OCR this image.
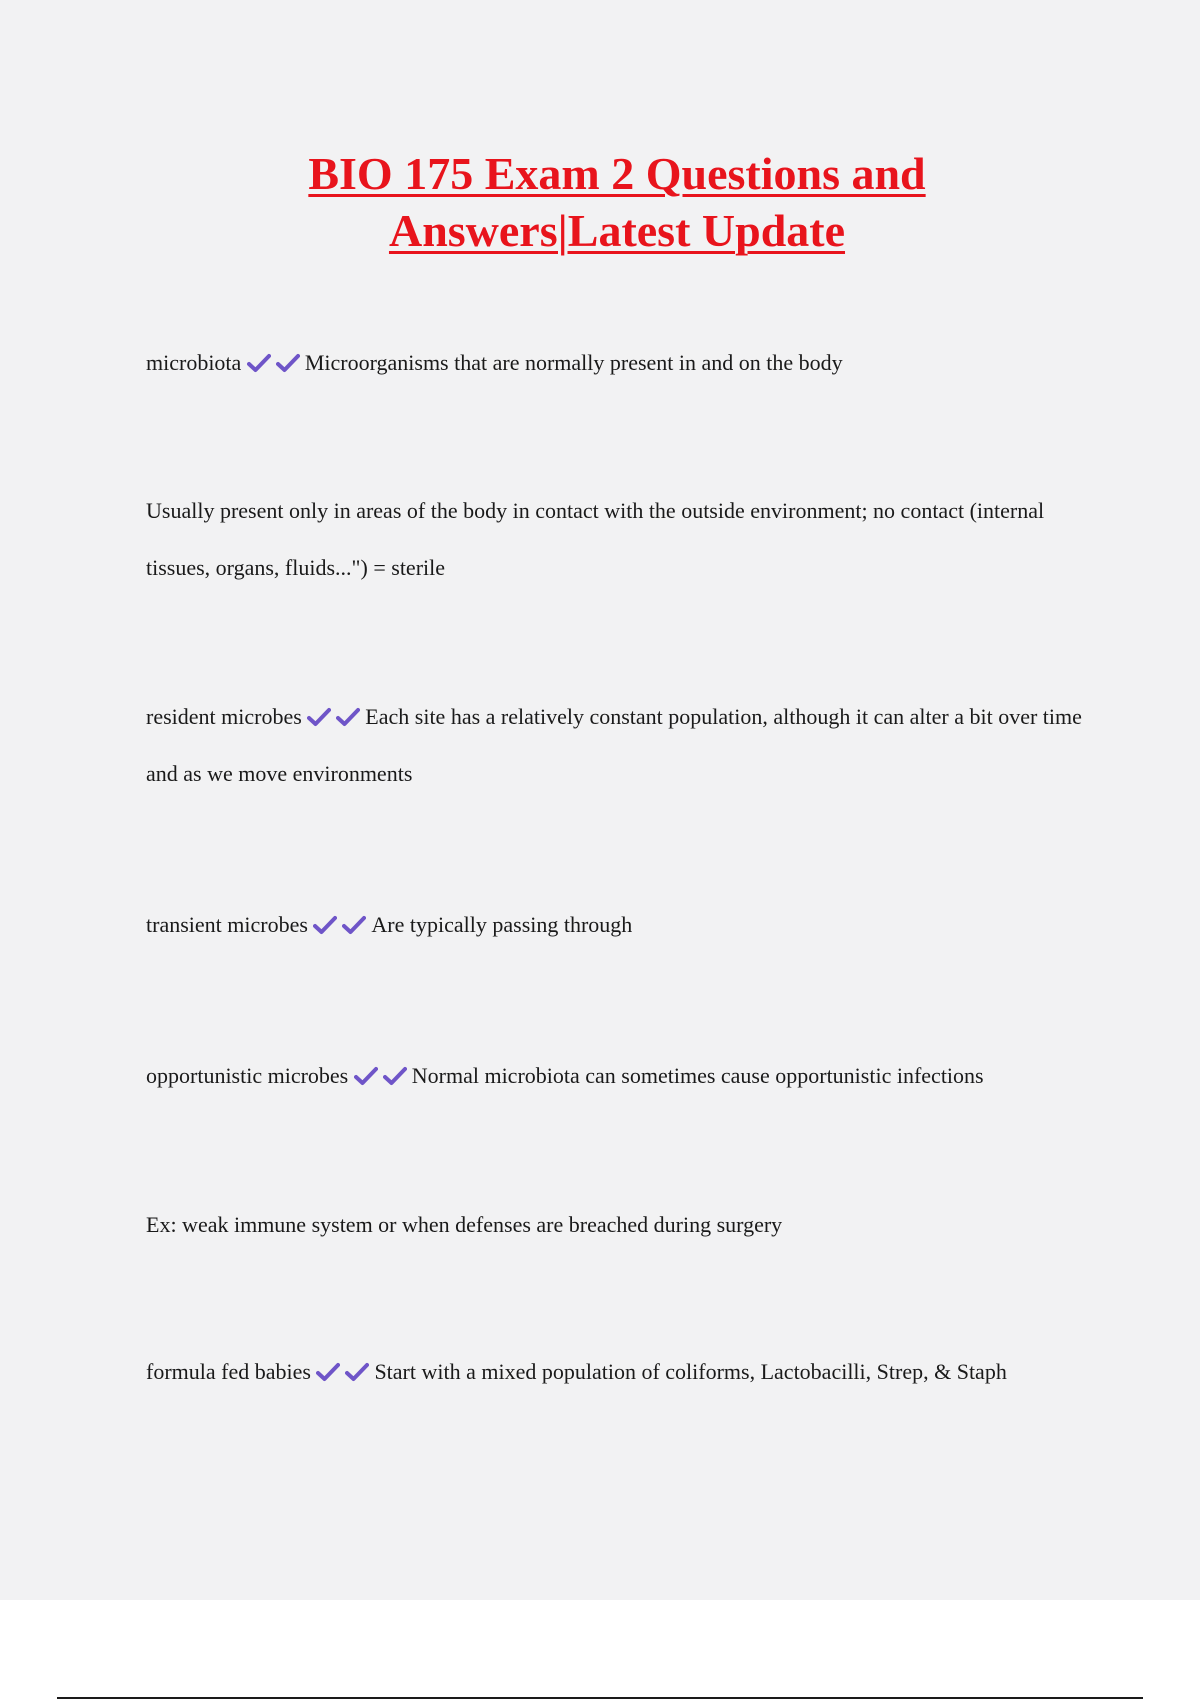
BIO 175 Exam 2 Questions and
Answers|Latest Update
microbiota	Microorganisms that are normally present in and on the body
Usually present only in areas of the body in contact with the outside environment; no contact (internal tissues, organs, fluids...") = sterile
resident microbes	Each site has a relatively constant population, although it can alter a bit over time and as we move environments
transient microbes	Are typically passing through
opportunistic microbes	Normal microbiota can sometimes cause opportunistic infections
Ex: weak immune system or when defenses are breached during surgery
formula fed babies	Start with a mixed population of coliforms, Lactobacilli, Strep, & Staph
